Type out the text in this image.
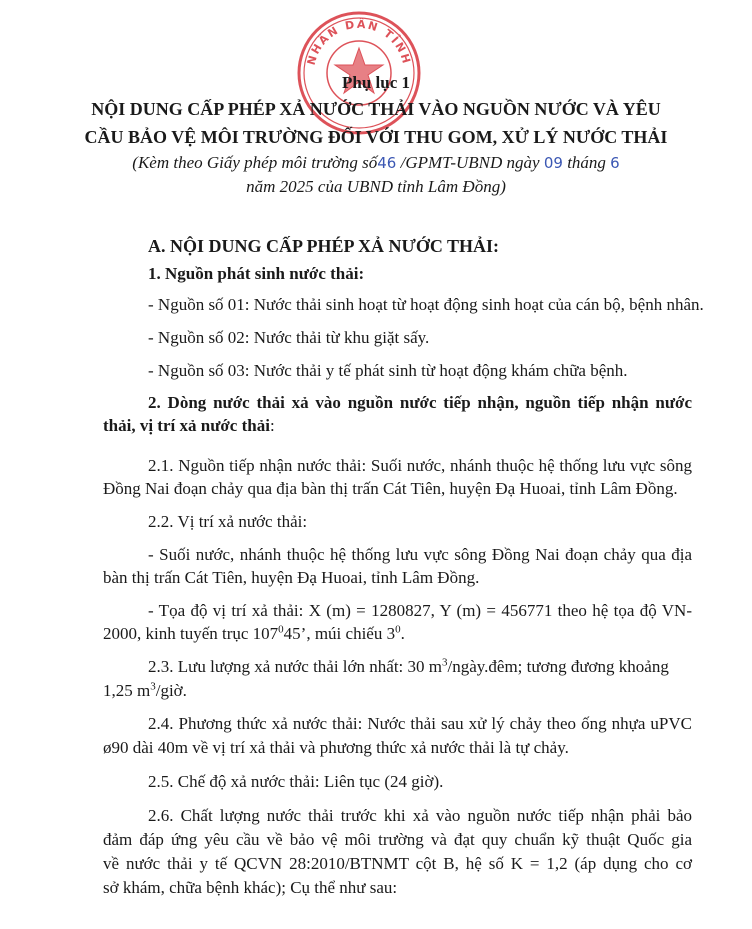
NHÂN DÂN TỈNH
Phụ lục 1
NỘI DUNG CẤP PHÉP XẢ NƯỚC THẢI VÀO NGUỒN NƯỚC VÀ YÊU
CẦU BẢO VỆ MÔI TRƯỜNG ĐỐI VỚI THU GOM, XỬ LÝ NƯỚC THẢI
(Kèm theo Giấy phép môi trường số46 /GPMT-UBND ngày 09 tháng 6
năm 2025 của UBND tỉnh Lâm Đồng)
A. NỘI DUNG CẤP PHÉP XẢ NƯỚC THẢI:
1. Nguồn phát sinh nước thải:
- Nguồn số 01: Nước thải sinh hoạt từ hoạt động sinh hoạt của cán bộ, bệnh nhân.
- Nguồn số 02: Nước thải từ khu giặt sấy.
- Nguồn số 03: Nước thải y tế phát sinh từ hoạt động khám chữa bệnh.
2. Dòng nước thải xả vào nguồn nước tiếp nhận, nguồn tiếp nhận nước
thải, vị trí xả nước thải:
2.1. Nguồn tiếp nhận nước thải: Suối nước, nhánh thuộc hệ thống lưu vực sông
Đồng Nai đoạn chảy qua địa bàn thị trấn Cát Tiên, huyện Đạ Huoai, tỉnh Lâm Đồng.
2.2. Vị trí xả nước thải:
- Suối nước, nhánh thuộc hệ thống lưu vực sông Đồng Nai đoạn chảy qua địa
bàn thị trấn Cát Tiên, huyện Đạ Huoai, tỉnh Lâm Đồng.
- Tọa độ vị trí xả thải: X (m) = 1280827, Y (m) = 456771 theo hệ tọa độ VN-
2000, kinh tuyến trục $107^045$’, múi chiếu $3^0$.
2.3. Lưu lượng xả nước thải lớn nhất: 30 $m^3/ngày.đêm$; tương đương khoảng
1,25 $m^3$/giờ.
2.4. Phương thức xả nước thải: Nước thải sau xử lý chảy theo ống nhựa uPVC
ø90 dài 40m về vị trí xả thải và phương thức xả nước thải là tự chảy.
2.5. Chế độ xả nước thải: Liên tục (24 giờ).
2.6. Chất lượng nước thải trước khi xả vào nguồn nước tiếp nhận phải bảo
đảm đáp ứng yêu cầu về bảo vệ môi trường và đạt quy chuẩn kỹ thuật Quốc gia
về nước thải y tế QCVN 28:2010/BTNMT cột B, hệ số K = 1,2 (áp dụng cho cơ
sở khám, chữa bệnh khác); Cụ thể như sau:
